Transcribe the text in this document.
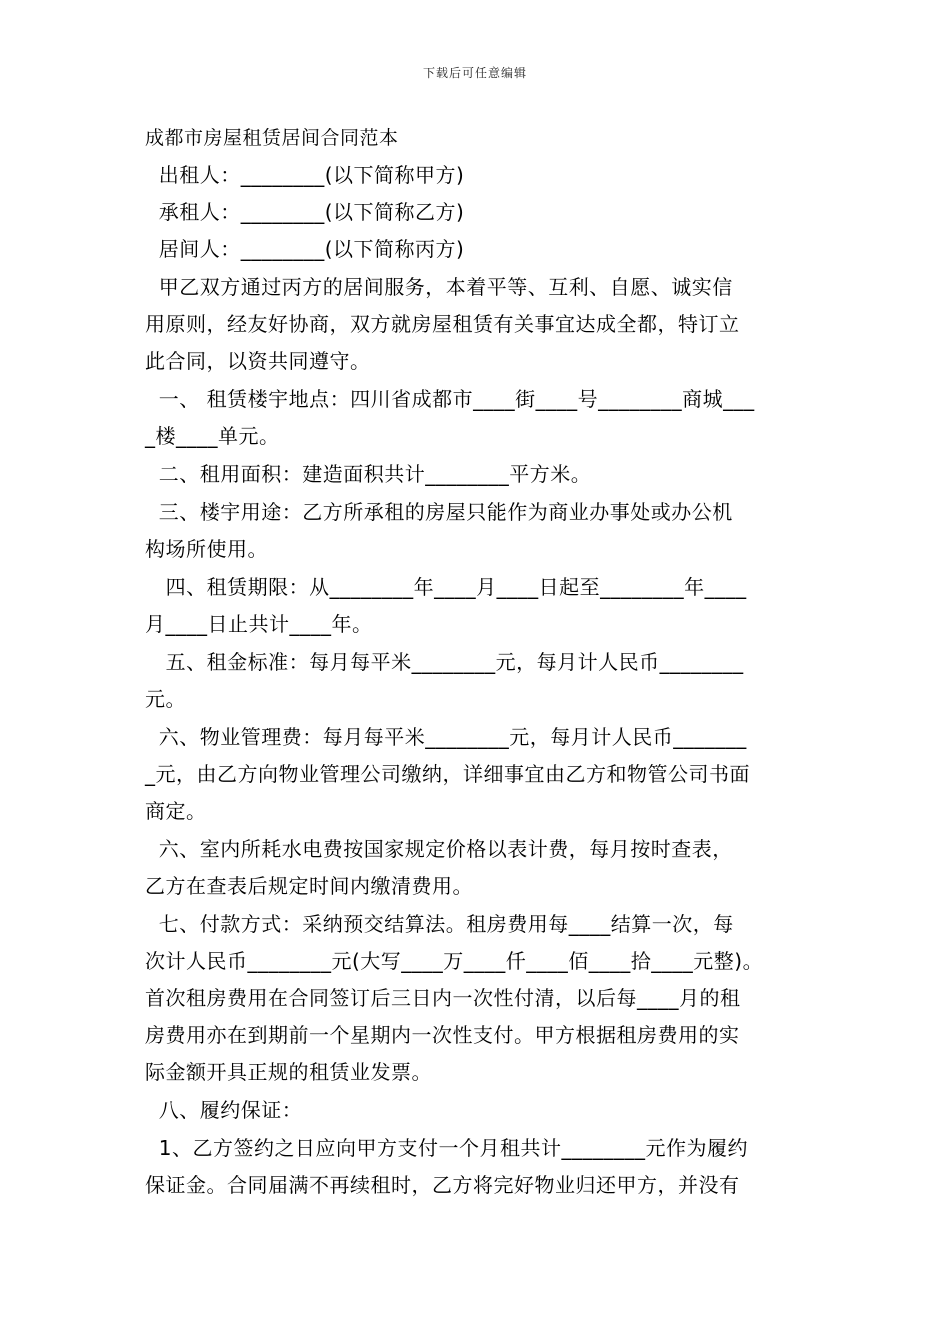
下载后可任意编辑
成都市房屋租赁居间合同范本
出租人：________(以下简称甲方)
承租人：________(以下简称乙方)
居间人：________(以下简称丙方)
甲乙双方通过丙方的居间服务，本着平等、互利、自愿、诚实信
用原则，经友好协商，双方就房屋租赁有关事宜达成全都，特订立
此合同，以资共同遵守。
一、 租赁楼宇地点：四川省成都市____街____号________商城___
_楼____单元。
二、租用面积：建造面积共计________平方米。
三、楼宇用途：乙方所承租的房屋只能作为商业办事处或办公机
构场所使用。
四、租赁期限：从________年____月____日起至________年____
月____日止共计____年。
五、租金标准：每月每平米________元，每月计人民币________
元。
六、物业管理费：每月每平米________元，每月计人民币_______
_元，由乙方向物业管理公司缴纳，详细事宜由乙方和物管公司书面
商定。
六、室内所耗水电费按国家规定价格以表计费，每月按时查表，
乙方在查表后规定时间内缴清费用。
七、付款方式：采纳预交结算法。租房费用每____结算一次，每
次计人民币________元(大写____万____仟____佰____拾____元整)。
首次租房费用在合同签订后三日内一次性付清，以后每____月的租
房费用亦在到期前一个星期内一次性支付。甲方根据租房费用的实
际金额开具正规的租赁业发票。
八、履约保证：
1、乙方签约之日应向甲方支付一个月租共计________元作为履约
保证金。合同届满不再续租时，乙方将完好物业归还甲方，并没有
